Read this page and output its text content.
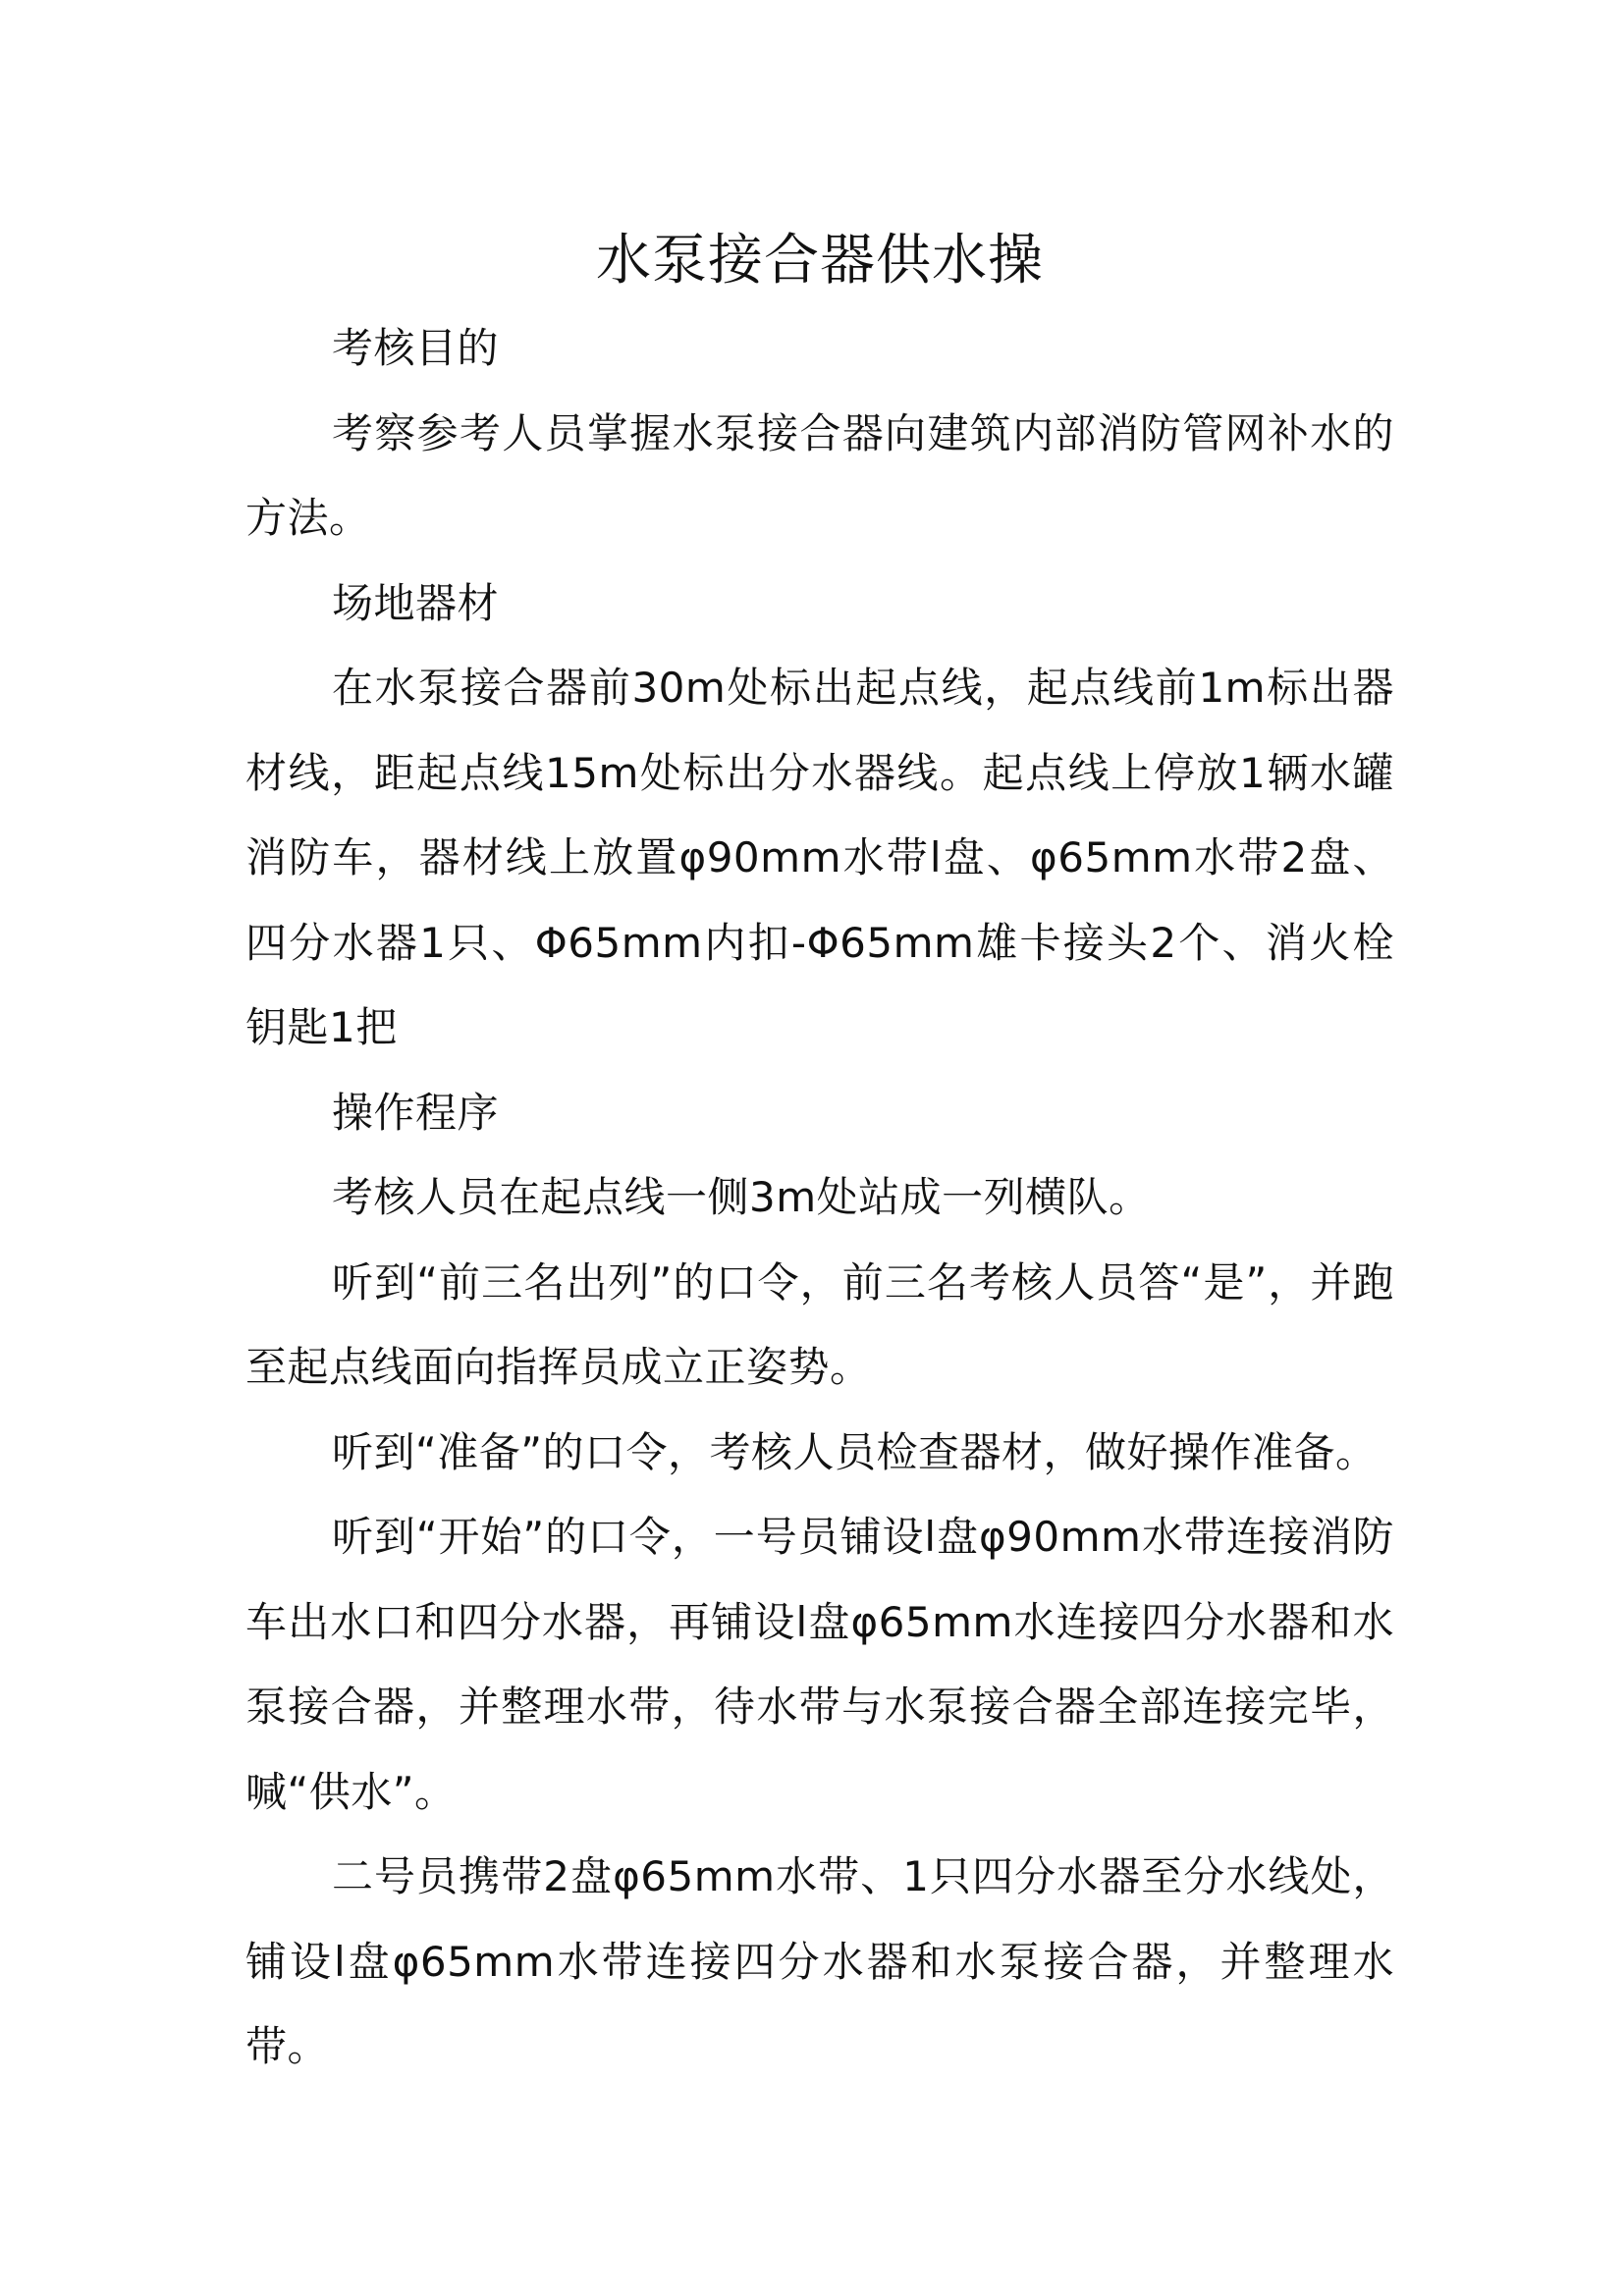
水泵接合器供水操

考核目的

考察参考人员掌握水泵接合器向建筑内部消防管网补水的方法。

场地器材

在水泵接合器前30m处标出起点线，起点线前1m标出器材线，距起点线15m处标出分水器线。起点线上停放1辆水罐消防车，器材线上放置φ90mm水带l盘、φ65mm水带2盘、四分水器1只、Φ65mm内扣-Φ65mm雄卡接头2个、消火栓钥匙1把

操作程序

考核人员在起点线一侧3m处站成一列横队。

听到“前三名出列”的口令，前三名考核人员答“是”，并跑至起点线面向指挥员成立正姿势。

听到“准备”的口令，考核人员检查器材，做好操作准备。

听到“开始”的口令，一号员铺设l盘φ90mm水带连接消防车出水口和四分水器，再铺设l盘φ65mm水连接四分水器和水泵接合器，并整理水带，待水带与水泵接合器全部连接完毕，喊“供水”。

二号员携带2盘φ65mm水带、1只四分水器至分水线处，铺设l盘φ65mm水带连接四分水器和水泵接合器，并整理水带。
